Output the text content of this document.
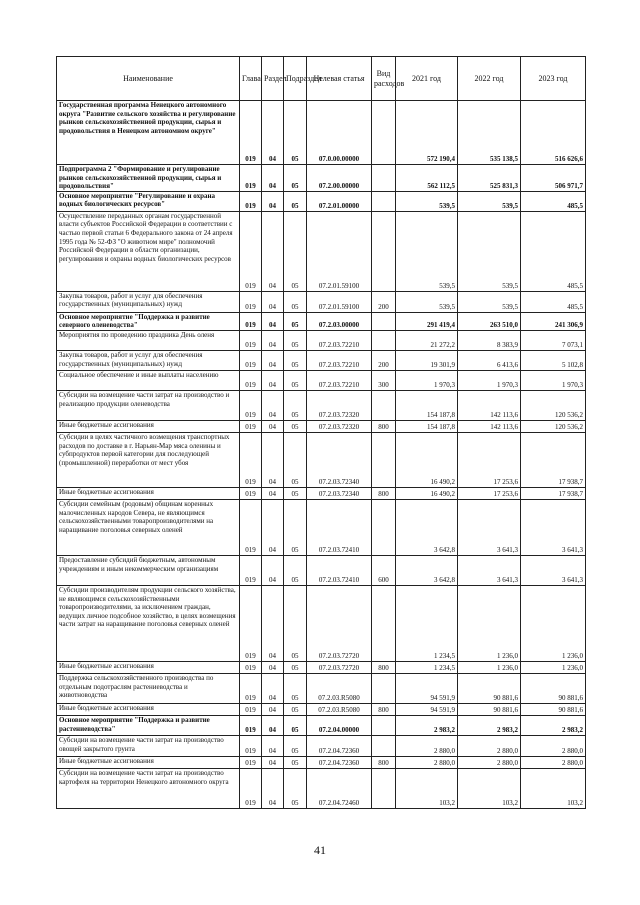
Наименование	Глава	Раздел	Подраздел	Целевая статья	Вид расходов	2021 год	2022 год	2023 год
Государственная программа Ненецкого автономного округа "Развитие сельского хозяйства и регулирование рынков сельскохозяйственной продукции, сырья и продовольствия в Ненецком автономном округе"	019	04	05	07.0.00.00000		572 190,4	535 138,5	516 626,6
Подпрограмма 2 "Формирование и регулирование рынков сельскохозяйственной продукции, сырья и продовольствия"	019	04	05	07.2.00.00000		562 112,5	525 831,3	506 971,7
Основное мероприятие "Регулирование и охрана водных биологических ресурсов"	019	04	05	07.2.01.00000		539,5	539,5	485,5
Осуществление переданных органам государственной власти субъектов Российской Федерации в соответствии с частью первой статьи 6 Федерального закона от 24 апреля 1995 года № 52-ФЗ "О животном мире" полномочий Российской Федерации в области организации, регулирования и охраны водных биологических ресурсов	019	04	05	07.2.01.59100		539,5	539,5	485,5
Закупка товаров, работ и услуг для обеспечения государственных (муниципальных) нужд	019	04	05	07.2.01.59100	200	539,5	539,5	485,5
Основное мероприятие "Поддержка и развитие северного оленеводства"	019	04	05	07.2.03.00000		291 419,4	263 510,0	241 306,9
Мероприятия по проведению праздника День оленя	019	04	05	07.2.03.72210		21 272,2	8 383,9	7 073,1
Закупка товаров, работ и услуг для обеспечения государственных (муниципальных) нужд	019	04	05	07.2.03.72210	200	19 301,9	6 413,6	5 102,8
Социальное обеспечение и иные выплаты населению	019	04	05	07.2.03.72210	300	1 970,3	1 970,3	1 970,3
Субсидии на возмещение части затрат на производство и реализацию продукции оленеводства	019	04	05	07.2.03.72320		154 187,8	142 113,6	120 536,2
Иные бюджетные ассигнования	019	04	05	07.2.03.72320	800	154 187,8	142 113,6	120 536,2
Субсидии в целях частичного возмещения транспортных расходов по доставке в г. Нарьян-Мар мяса оленины и субпродуктов первой категории для последующей (промышленной) переработки от мест убоя	019	04	05	07.2.03.72340		16 490,2	17 253,6	17 938,7
Иные бюджетные ассигнования	019	04	05	07.2.03.72340	800	16 490,2	17 253,6	17 938,7
Субсидии семейным (родовым) общинам коренных малочисленных народов Севера, не являющимся сельскохозяйственными товаропроизводителями на наращивание поголовья северных оленей	019	04	05	07.2.03.72410		3 642,8	3 641,3	3 641,3
Предоставление субсидий бюджетным, автономным учреждениям и иным некоммерческим организациям	019	04	05	07.2.03.72410	600	3 642,8	3 641,3	3 641,3
Субсидии производителям продукции сельского хозяйства, не являющимся сельскохозяйственными товаропроизводителями, за исключением граждан, ведущих личное подсобное хозяйство, в целях возмещения части затрат на наращивание поголовья северных оленей	019	04	05	07.2.03.72720		1 234,5	1 236,0	1 236,0
Иные бюджетные ассигнования	019	04	05	07.2.03.72720	800	1 234,5	1 236,0	1 236,0
Поддержка сельскохозяйственного производства по отдельным подотраслям растениеводства и животноводства	019	04	05	07.2.03.R5080		94 591,9	90 881,6	90 881,6
Иные бюджетные ассигнования	019	04	05	07.2.03.R5080	800	94 591,9	90 881,6	90 881,6
Основное мероприятие "Поддержка и развитие растениеводства"	019	04	05	07.2.04.00000		2 983,2	2 983,2	2 983,2
Субсидии на возмещение части затрат на производство овощей закрытого грунта	019	04	05	07.2.04.72360		2 880,0	2 880,0	2 880,0
Иные бюджетные ассигнования	019	04	05	07.2.04.72360	800	2 880,0	2 880,0	2 880,0
Субсидии на возмещение части затрат на производство картофеля на территории Ненецкого автономного округа	019	04	05	07.2.04.72460		103,2	103,2	103,2
41
